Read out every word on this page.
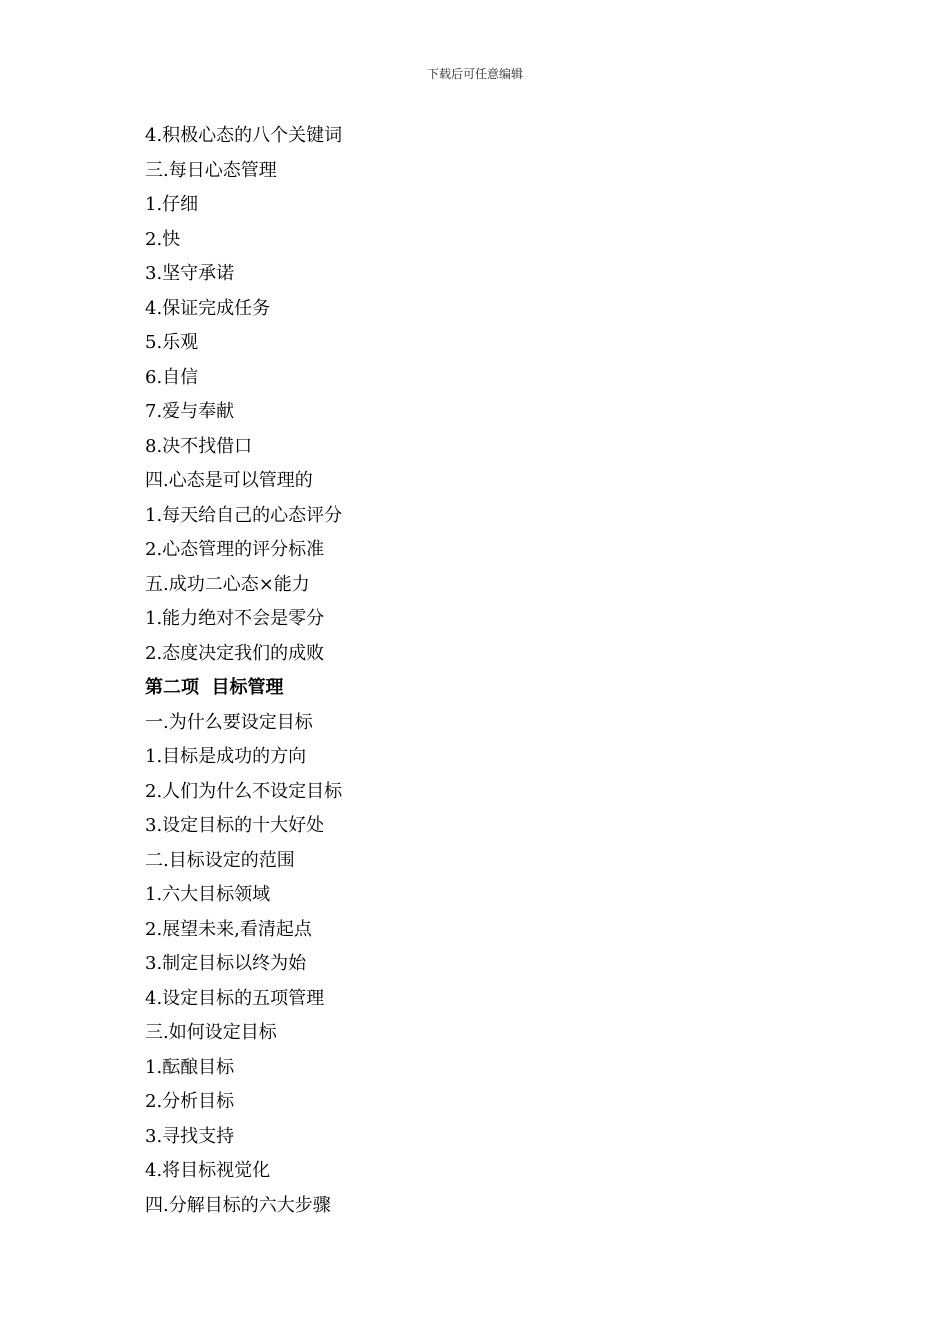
下载后可任意编辑
4.积极心态的八个关键词
三.每日心态管理
1.仔细
2.快
3.坚守承诺
4.保证完成任务
5.乐观
6.自信
7.爱与奉献
8.决不找借口
四.心态是可以管理的
1.每天给自己的心态评分
2.心态管理的评分标准
五.成功二心态×能力
1.能力绝对不会是零分
2.态度决定我们的成败
第二项  目标管理
一.为什么要设定目标
1.目标是成功的方向
2.人们为什么不设定目标
3.设定目标的十大好处
二.目标设定的范围
1.六大目标领域
2.展望未来,看清起点
3.制定目标以终为始
4.设定目标的五项管理
三.如何设定目标
1.酝酿目标
2.分析目标
3.寻找支持
4.将目标视觉化
四.分解目标的六大步骤
